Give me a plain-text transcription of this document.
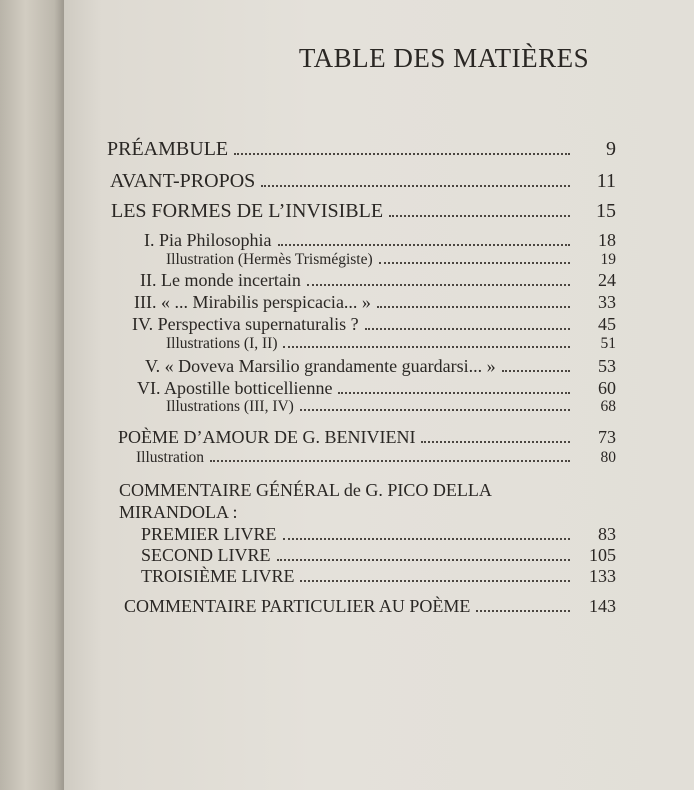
TABLE DES MATIÈRES
PRÉAMBULE	9
AVANT-PROPOS	11
LES FORMES DE L’INVISIBLE	15
I. Pia Philosophia	18
Illustration (Hermès Trismégiste)	19
II. Le monde incertain	24
III. « ... Mirabilis perspicacia... »	33
IV. Perspectiva supernaturalis ?	45
Illustrations (I, II)	51
V. « Doveva Marsilio grandamente guardarsi... »	53
VI. Apostille botticellienne	60
Illustrations (III, IV)	68
POÈME D’AMOUR DE G. BENIVIENI	73
Illustration	80
COMMENTAIRE GÉNÉRAL de G. PICO DELLA
MIRANDOLA :
PREMIER LIVRE	83
SECOND LIVRE	105
TROISIÈME LIVRE	133
COMMENTAIRE PARTICULIER AU POÈME	143
